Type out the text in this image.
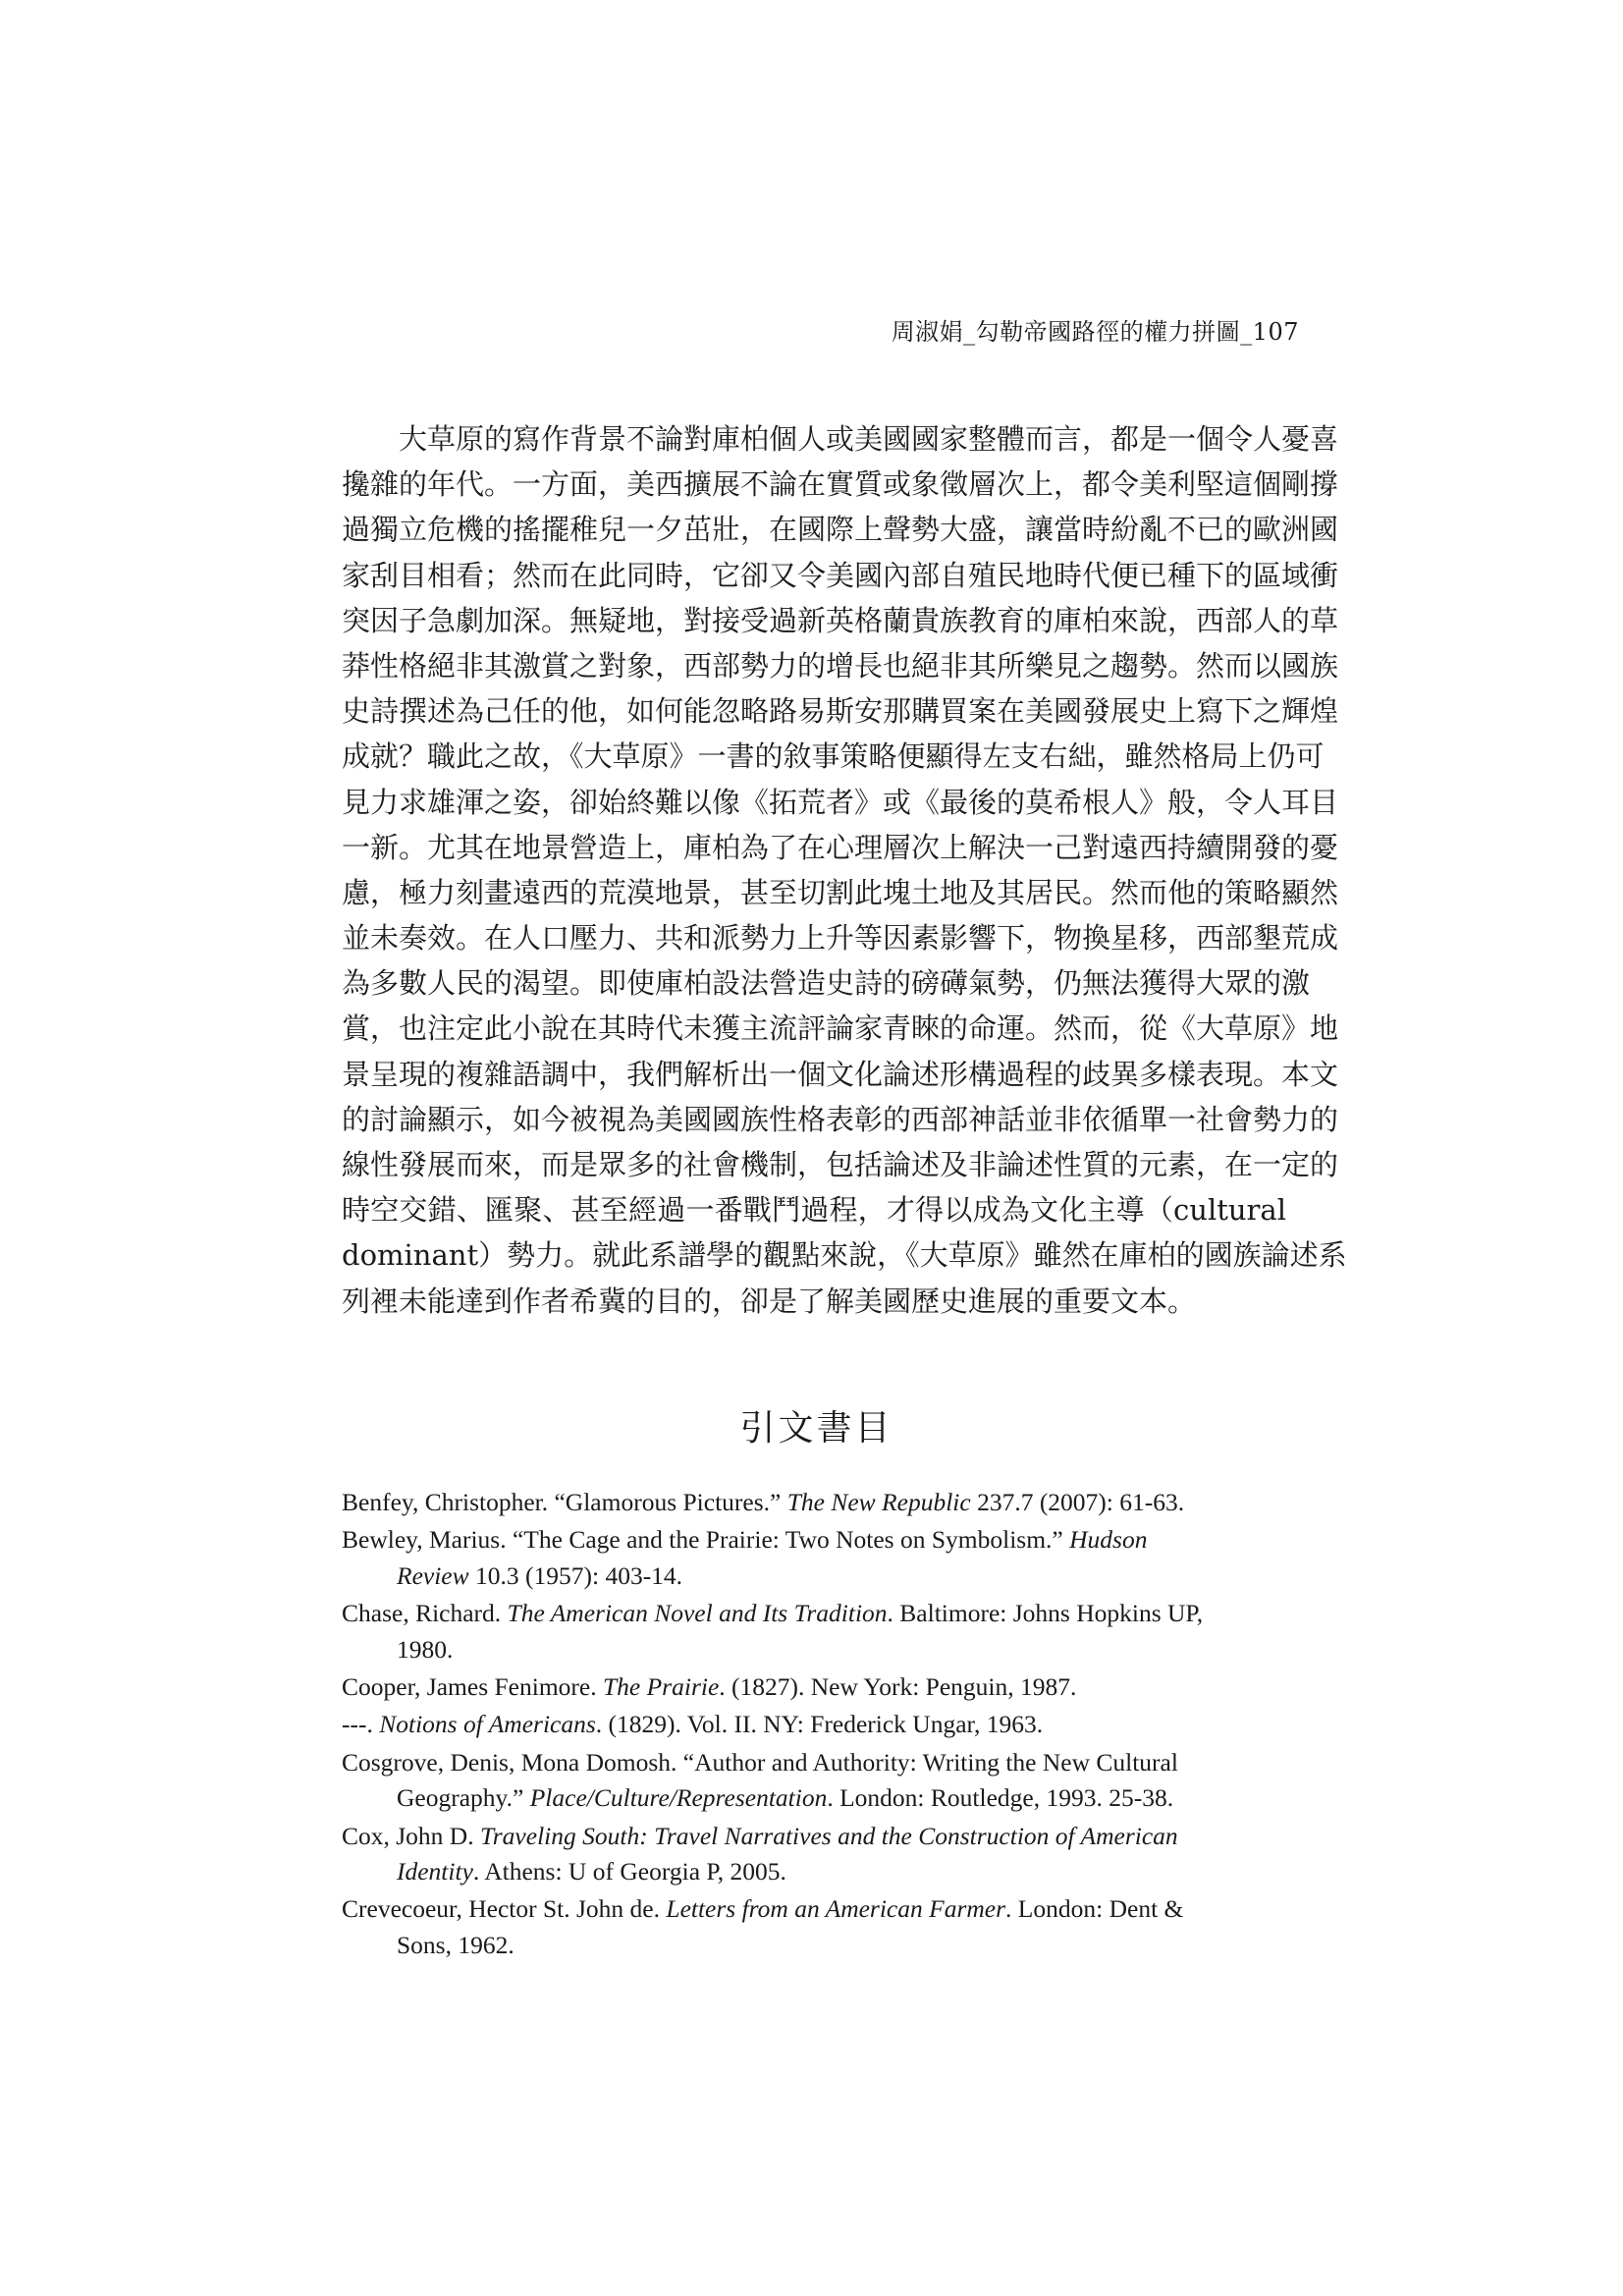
周淑娟_勾勒帝國路徑的權力拼圖_107
大草原的寫作背景不論對庫柏個人或美國國家整體而言，都是一個令人憂喜
攙雜的年代。一方面，美西擴展不論在實質或象徵層次上，都令美利堅這個剛撐
過獨立危機的搖擺稚兒一夕茁壯，在國際上聲勢大盛，讓當時紛亂不已的歐洲國
家刮目相看；然而在此同時，它卻又令美國內部自殖民地時代便已種下的區域衝
突因子急劇加深。無疑地，對接受過新英格蘭貴族教育的庫柏來說，西部人的草
莽性格絕非其激賞之對象，西部勢力的增長也絕非其所樂見之趨勢。然而以國族
史詩撰述為己任的他，如何能忽略路易斯安那購買案在美國發展史上寫下之輝煌
成就？職此之故，《大草原》一書的敘事策略便顯得左支右絀，雖然格局上仍可
見力求雄渾之姿，卻始終難以像《拓荒者》或《最後的莫希根人》般，令人耳目
一新。尤其在地景營造上，庫柏為了在心理層次上解決一己對遠西持續開發的憂
慮，極力刻畫遠西的荒漠地景，甚至切割此塊土地及其居民。然而他的策略顯然
並未奏效。在人口壓力、共和派勢力上升等因素影響下，物換星移，西部墾荒成
為多數人民的渴望。即使庫柏設法營造史詩的磅礡氣勢，仍無法獲得大眾的激
賞，也注定此小說在其時代未獲主流評論家青睞的命運。然而，從《大草原》地
景呈現的複雜語調中，我們解析出一個文化論述形構過程的歧異多樣表現。本文
的討論顯示，如今被視為美國國族性格表彰的西部神話並非依循單一社會勢力的
線性發展而來，而是眾多的社會機制，包括論述及非論述性質的元素，在一定的
時空交錯、匯聚、甚至經過一番戰鬥過程，才得以成為文化主導（cultural
dominant）勢力。就此系譜學的觀點來說，《大草原》雖然在庫柏的國族論述系
列裡未能達到作者希冀的目的，卻是了解美國歷史進展的重要文本。
引文書目
Benfey, Christopher. “Glamorous Pictures.” The New Republic 237.7 (2007): 61-63.
Bewley, Marius. “The Cage and the Prairie: Two Notes on Symbolism.” Hudson
Review 10.3 (1957): 403-14.
Chase, Richard. The American Novel and Its Tradition. Baltimore: Johns Hopkins UP,
1980.
Cooper, James Fenimore. The Prairie. (1827). New York: Penguin, 1987.
---. Notions of Americans. (1829). Vol. II. NY: Frederick Ungar, 1963.
Cosgrove, Denis, Mona Domosh. “Author and Authority: Writing the New Cultural
Geography.” Place/Culture/Representation. London: Routledge, 1993. 25-38.
Cox, John D. Traveling South: Travel Narratives and the Construction of American
Identity. Athens: U of Georgia P, 2005.
Crevecoeur, Hector St. John de. Letters from an American Farmer. London: Dent &
Sons, 1962.
